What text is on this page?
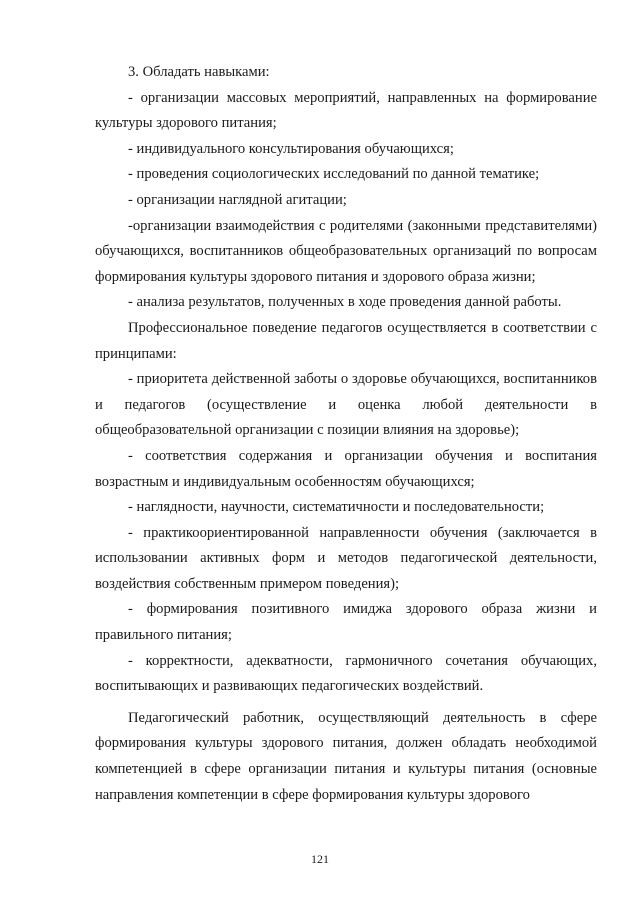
3. Обладать навыками:

- организации массовых мероприятий, направленных на формирование культуры здорового питания;

- индивидуального консультирования обучающихся;

- проведения социологических исследований по данной тематике;

- организации наглядной агитации;

-организации взаимодействия с родителями (законными представителями) обучающихся, воспитанников общеобразовательных организаций по вопросам формирования культуры здорового питания и здорового образа жизни;

- анализа результатов, полученных в ходе проведения данной работы.

Профессиональное поведение педагогов осуществляется в соответствии с принципами:

- приоритета действенной заботы о здоровье обучающихся, воспитанников и педагогов (осуществление и оценка любой деятельности в общеобразовательной организации с позиции влияния на здоровье);

- соответствия содержания и организации обучения и воспитания возрастным и индивидуальным особенностям обучающихся;

- наглядности, научности, систематичности и последовательности;

- практикоориентированной направленности обучения (заключается в использовании активных форм и методов педагогической деятельности, воздействия собственным примером поведения);

- формирования позитивного имиджа здорового образа жизни и правильного питания;

- корректности, адекватности, гармоничного сочетания обучающих, воспитывающих и развивающих педагогических воздействий.

Педагогический работник, осуществляющий деятельность в сфере формирования культуры здорового питания, должен обладать необходимой компетенцией в сфере организации питания и культуры питания (основные направления компетенции в сфере формирования культуры здорового

121
